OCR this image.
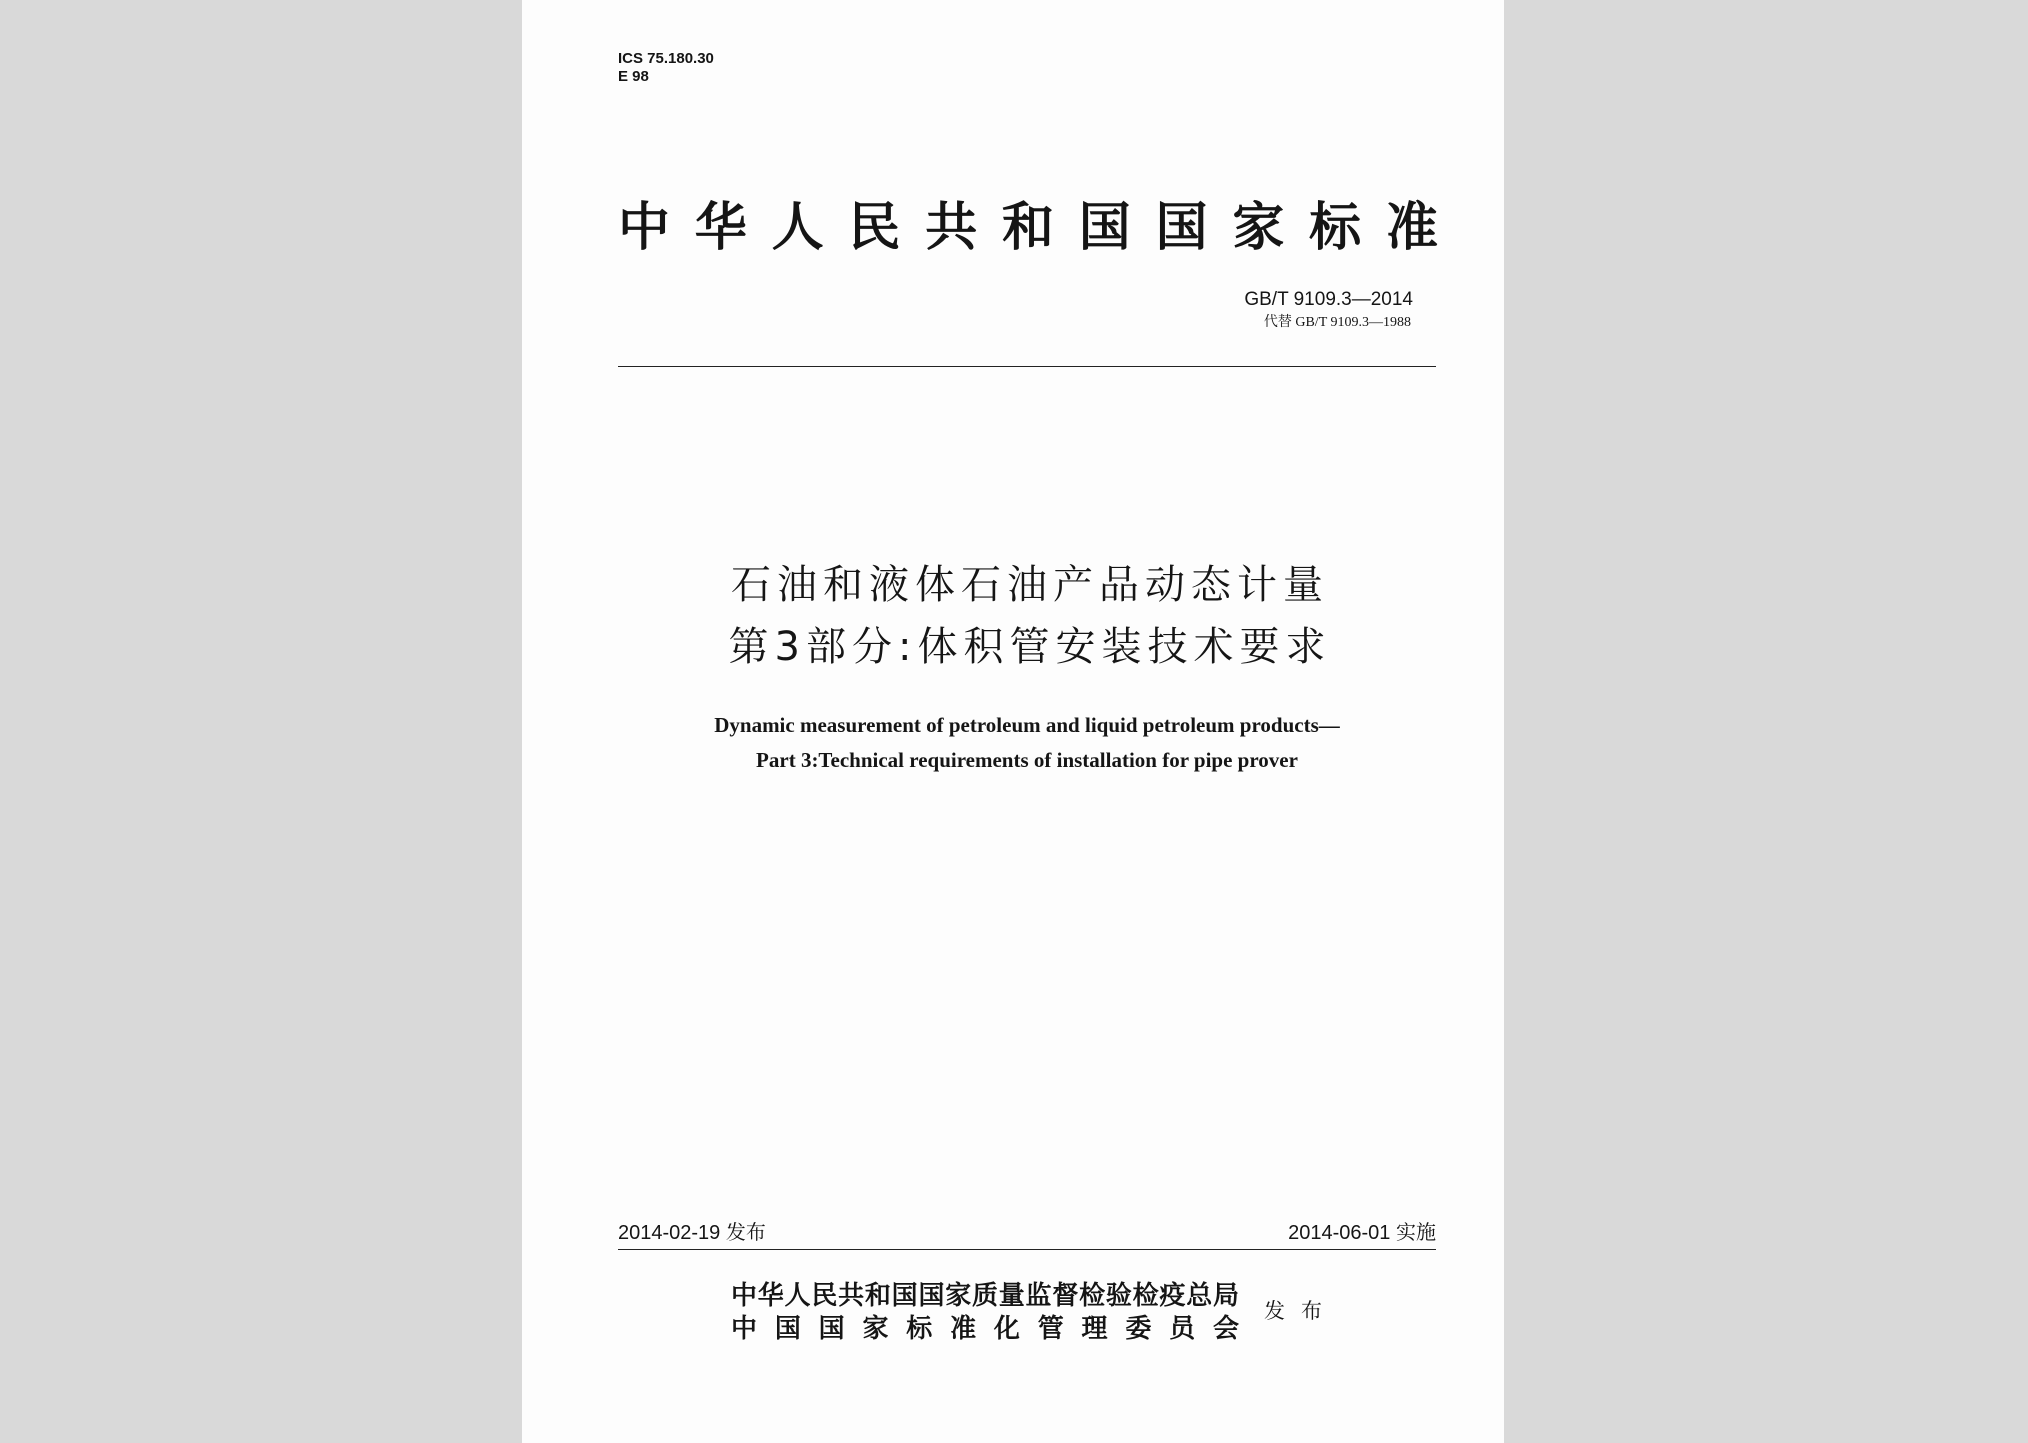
ICS 75.180.30
E 98
中华人民共和国国家标准
GB/T 9109.3—2014
代替 GB/T 9109.3—1988
石油和液体石油产品动态计量
第3部分:体积管安装技术要求
Dynamic measurement of petroleum and liquid petroleum products—
Part 3:Technical requirements of installation for pipe prover
2014-02-19 发布	2014-06-01 实施
中华人民共和国国家质量监督检验检疫总局
中国国家标准化管理委员会
发布
